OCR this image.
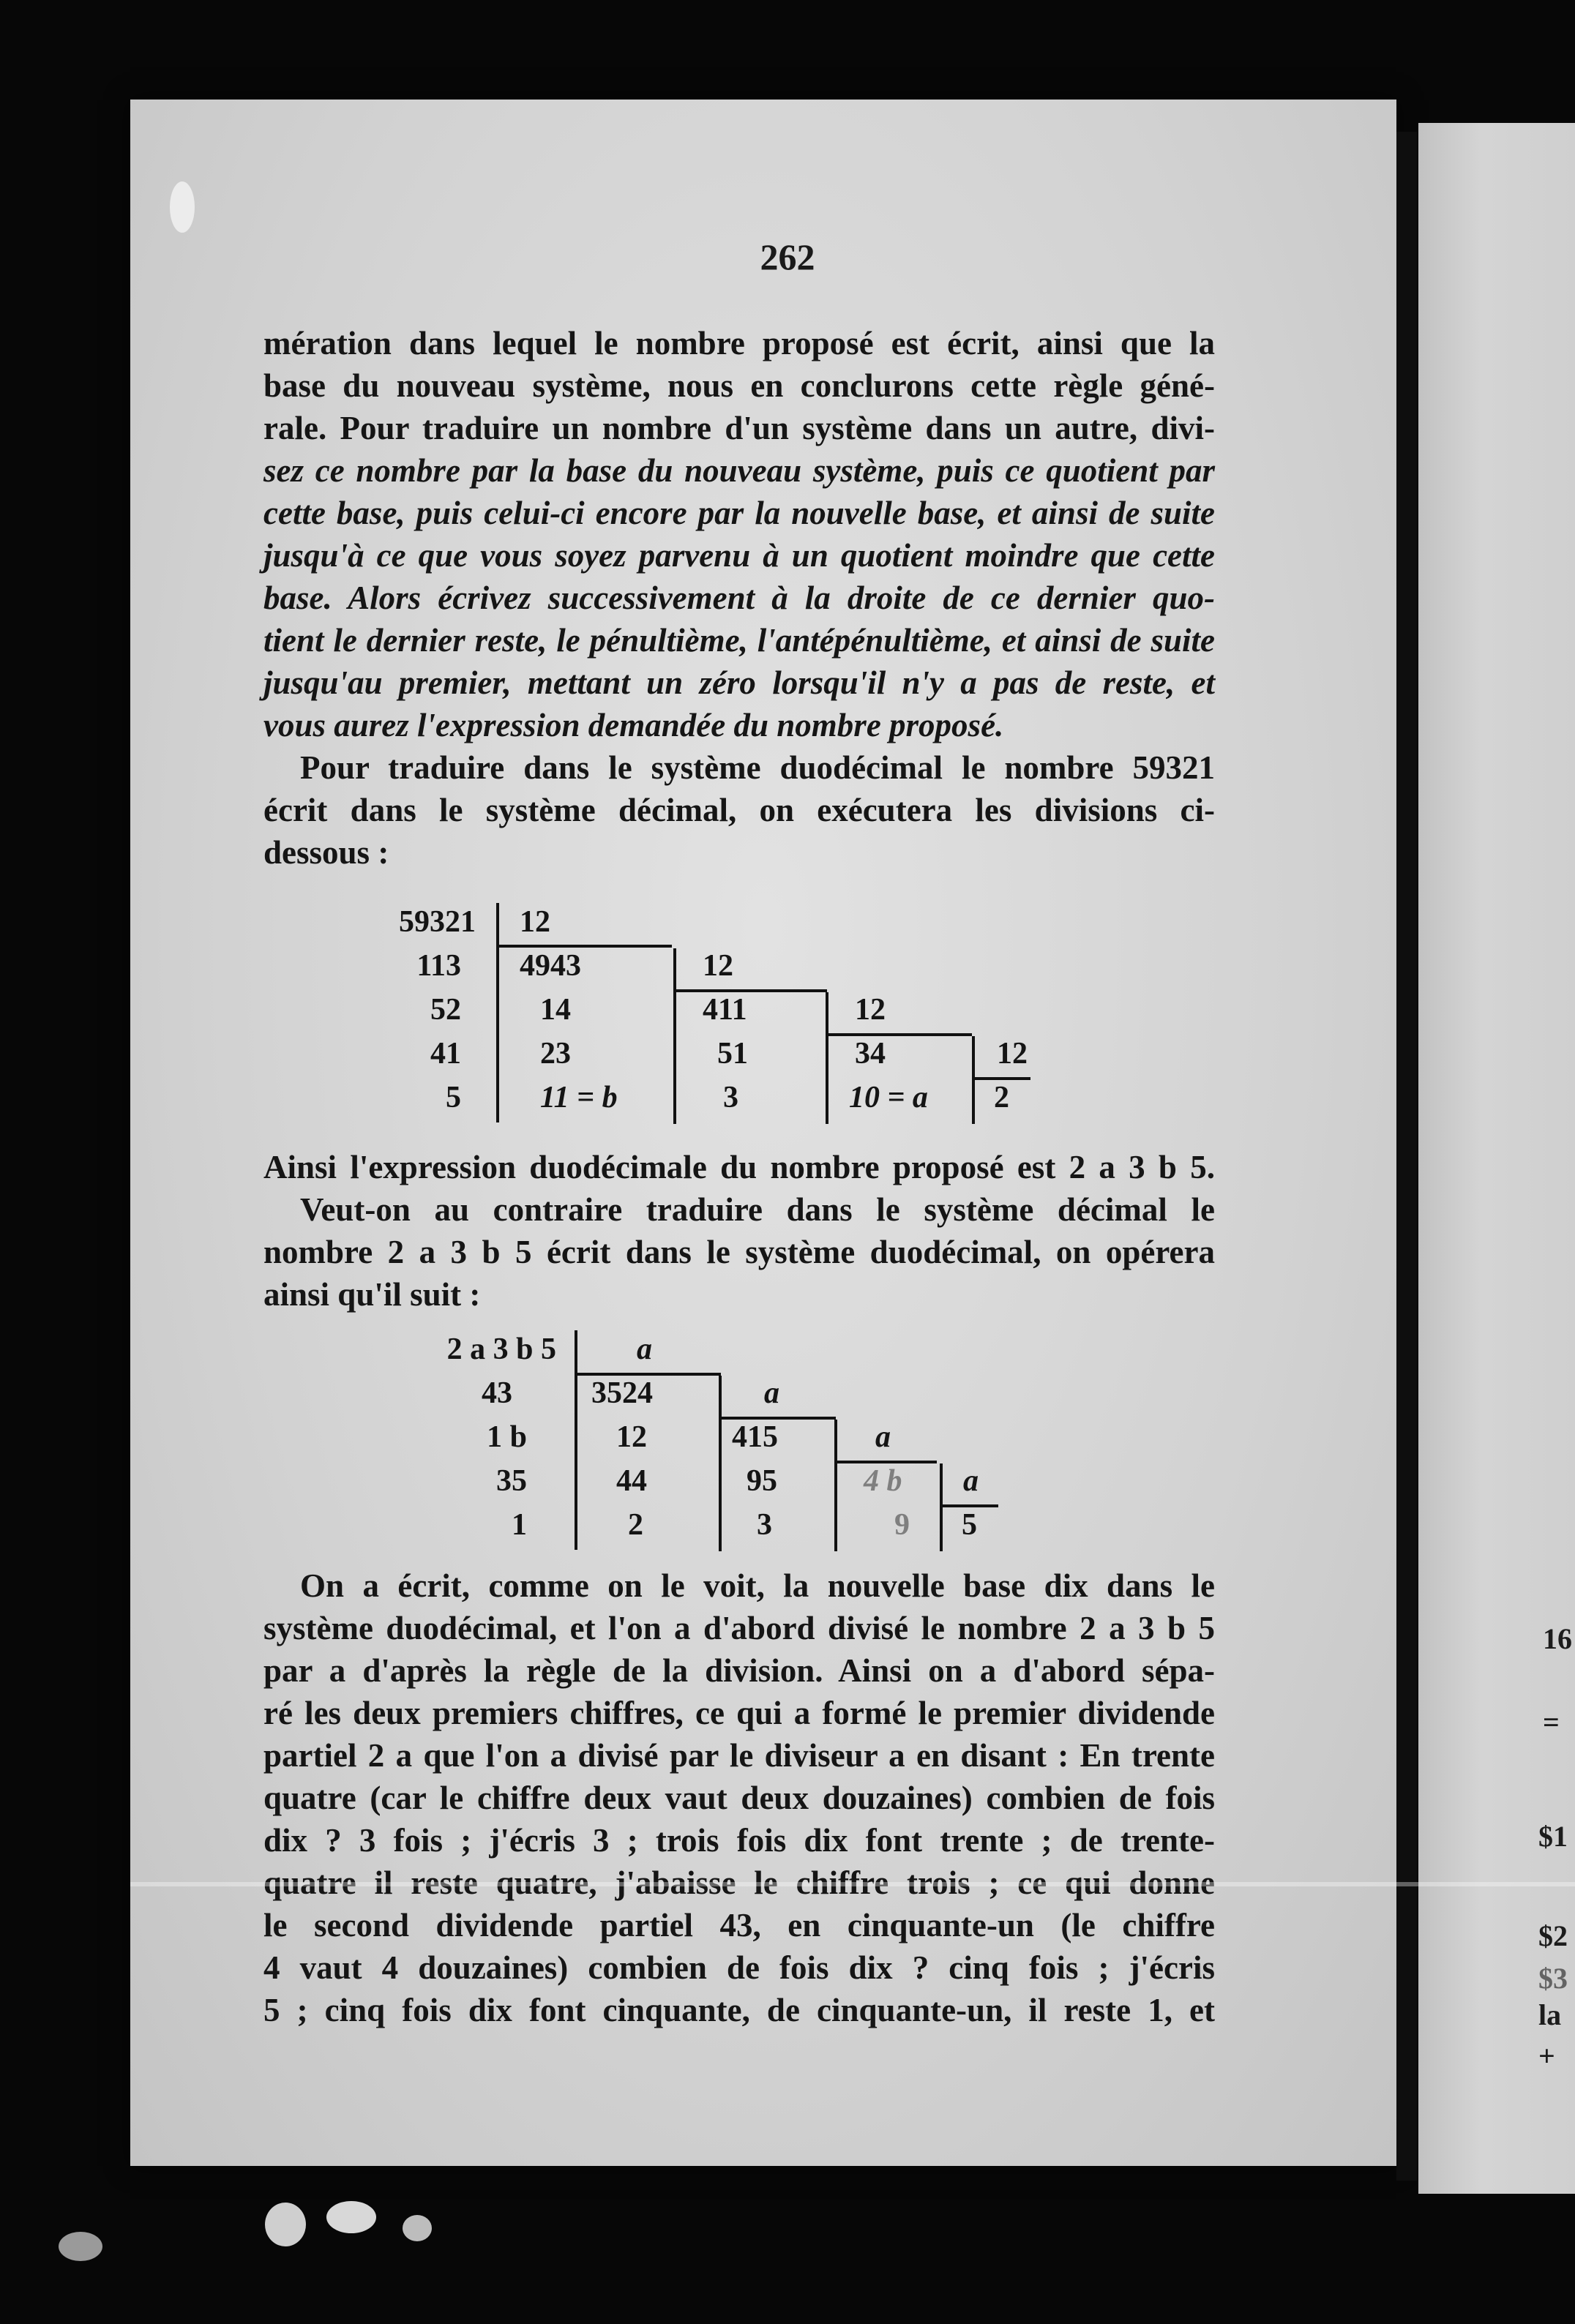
16
=
$1
$2
$3
la
+
262
mération dans lequel le nombre proposé est écrit, ainsi que la
base du nouveau système, nous en conclurons cette règle géné-
rale. Pour traduire un nombre d'un système dans un autre, divi-
sez ce nombre par la base du nouveau système, puis ce quotient par
cette base, puis celui-ci encore par la nouvelle base, et ainsi de suite
jusqu'à ce que vous soyez parvenu à un quotient moindre que cette
base. Alors écrivez successivement à la droite de ce dernier quo-
tient le dernier reste, le pénultième, l'antépénultième, et ainsi de suite
jusqu'au premier, mettant un zéro lorsqu'il n'y a pas de reste, et
vous aurez l'expression demandée du nombre proposé.
Pour traduire dans le système duodécimal le nombre 59321
écrit dans le système décimal, on exécutera les divisions ci-
dessous :
59321
113
52
41
5
12
4943
14
23
11 = b
12
411
51
3
12
34
10 = a
12
2
Ainsi l'expression duodécimale du nombre proposé est 2 a 3 b 5.
Veut-on au contraire traduire dans le système décimal le
nombre 2 a 3 b 5 écrit dans le système duodécimal, on opérera
ainsi qu'il suit :
2 a 3 b 5
43
1 b
35
1
a
3524
12
44
2
a
415
95
3
a
4 b
9
a
5
On a écrit, comme on le voit, la nouvelle base dix dans le
système duodécimal, et l'on a d'abord divisé le nombre 2 a 3 b 5
par a d'après la règle de la division. Ainsi on a d'abord sépa-
ré les deux premiers chiffres, ce qui a formé le premier dividende
partiel 2 a que l'on a divisé par le diviseur a en disant : En trente
quatre (car le chiffre deux vaut deux douzaines) combien de fois
dix ? 3 fois ; j'écris 3 ; trois fois dix font trente ; de trente-
quatre il reste quatre, j'abaisse le chiffre trois ; ce qui donne
le second dividende partiel 43, en cinquante-un (le chiffre
4 vaut 4 douzaines) combien de fois dix ? cinq fois ; j'écris
5 ; cinq fois dix font cinquante, de cinquante-un, il reste 1, et
